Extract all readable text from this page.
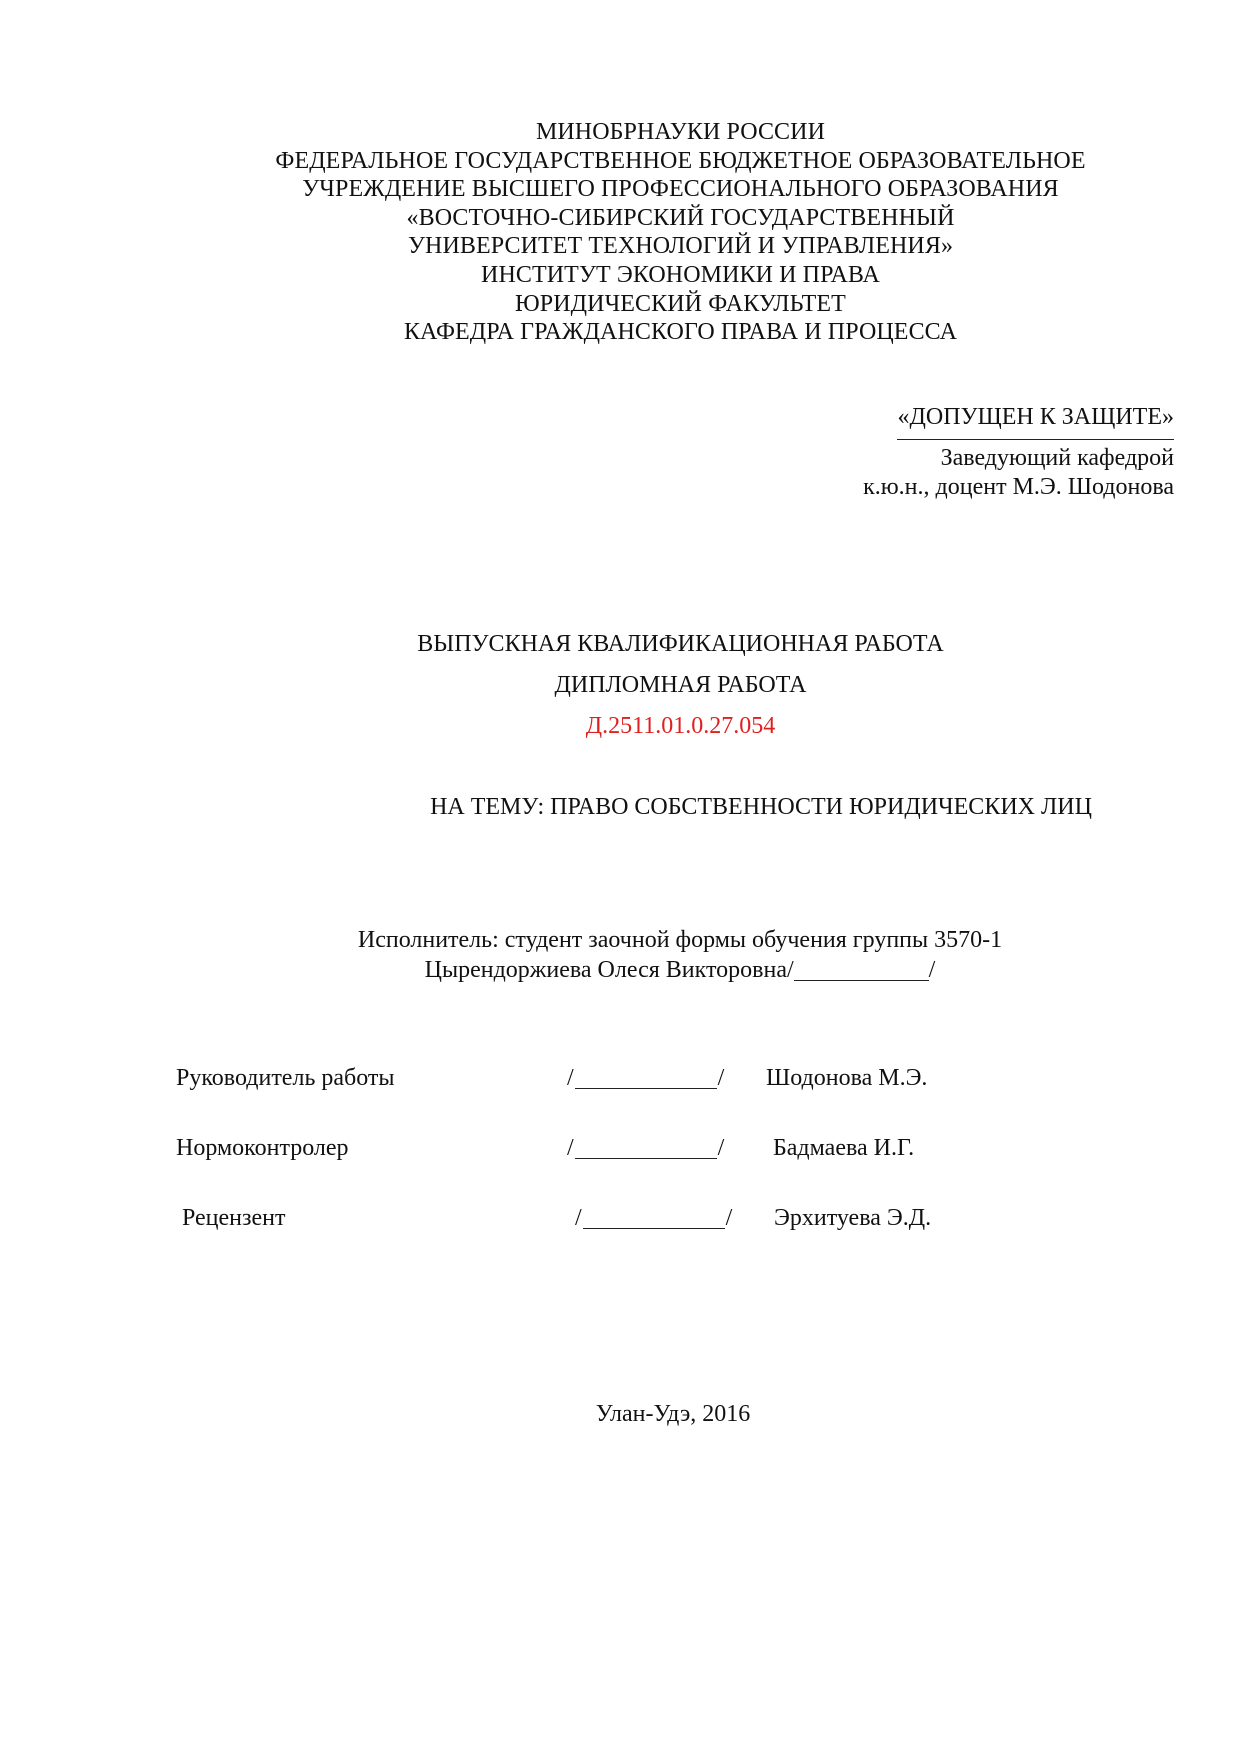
МИНОБРНАУКИ РОССИИ
ФЕДЕРАЛЬНОЕ ГОСУДАРСТВЕННОЕ БЮДЖЕТНОЕ ОБРАЗОВАТЕЛЬНОЕ
УЧРЕЖДЕНИЕ ВЫСШЕГО ПРОФЕССИОНАЛЬНОГО ОБРАЗОВАНИЯ
«ВОСТОЧНО-СИБИРСКИЙ ГОСУДАРСТВЕННЫЙ
УНИВЕРСИТЕТ ТЕХНОЛОГИЙ И УПРАВЛЕНИЯ»
ИНСТИТУТ ЭКОНОМИКИ И ПРАВА
ЮРИДИЧЕСКИЙ ФАКУЛЬТЕТ
КАФЕДРА ГРАЖДАНСКОГО ПРАВА И ПРОЦЕССА
«ДОПУЩЕН К ЗАЩИТЕ»
Заведующий кафедрой
к.ю.н., доцент М.Э. Шодонова
ВЫПУСКНАЯ КВАЛИФИКАЦИОННАЯ РАБОТА
ДИПЛОМНАЯ РАБОТА
Д.2511.01.0.27.054
НА ТЕМУ: ПРАВО СОБСТВЕННОСТИ ЮРИДИЧЕСКИХ ЛИЦ
Исполнитель: студент заочной формы обучения группы 3570-1
Цырендоржиева Олеся Викторовна/	/
Руководитель работы	/	/ Шодонова М.Э.
Нормоконтролер	/	/ Бадмаева И.Г.
Рецензент	/	/ Эрхитуева Э.Д.
Улан-Удэ, 2016
